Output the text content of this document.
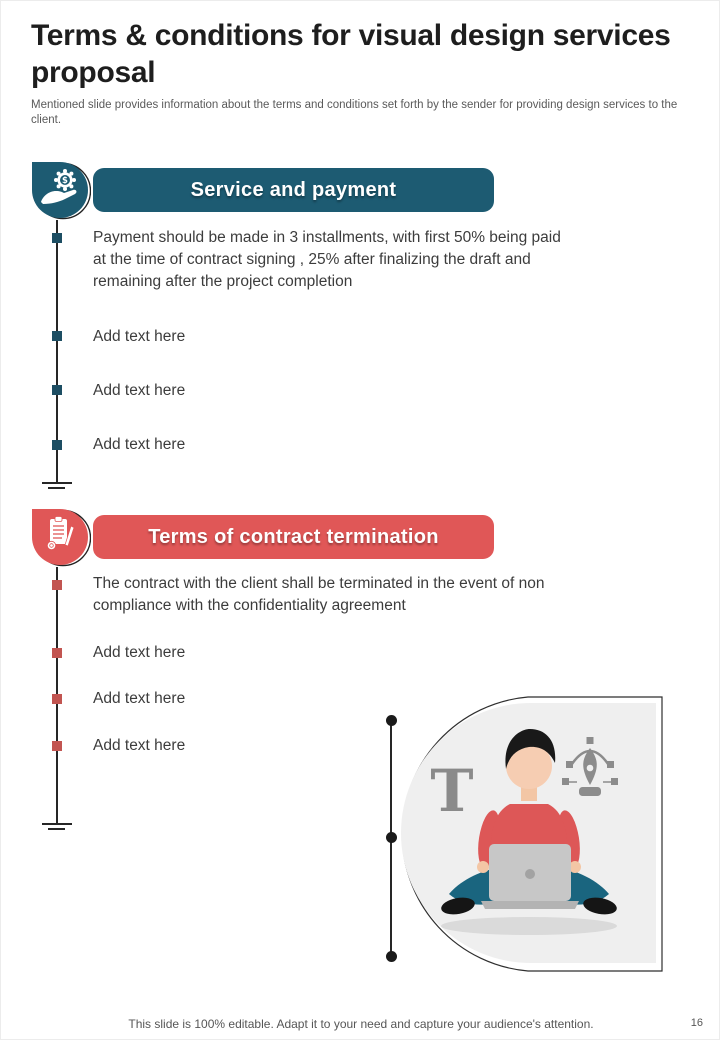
Terms & conditions for visual design services proposal
Mentioned slide provides information about the terms and conditions set forth by the sender for providing design services to the client.
$	Service and payment
Payment should be made in 3 installments, with first 50% being paid at the time of contract signing , 25% after finalizing the draft and remaining after the project completion
Add text here
Add text here
Add text here
Terms of contract termination
The contract with the client shall be terminated in the event of non compliance with the confidentiality agreement
Add text here
Add text here
Add text here
T
This slide is 100% editable. Adapt it to your need and capture your audience's attention.	16
